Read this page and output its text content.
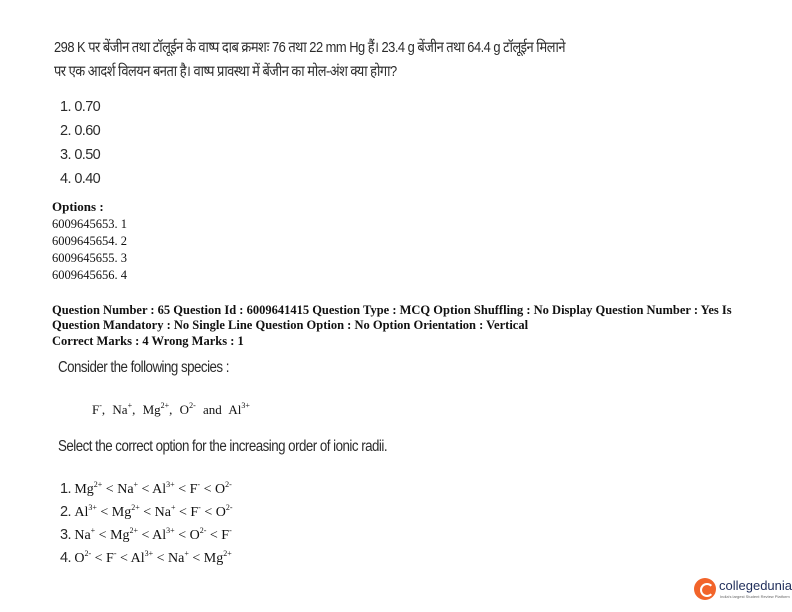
298 K पर बेंजीन तथा टॉलूईन के वाष्प दाब क्रमशः 76 तथा 22 mm Hg हैं। 23.4 g बेंजीन तथा 64.4 g टॉलूईन मिलाने
पर एक आदर्श विलयन बनता है। वाष्प प्रावस्था में बेंजीन का मोल-अंश क्या होगा?
1. 0.70
2. 0.60
3. 0.50
4. 0.40
Options :
6009645653. 1
6009645654. 2
6009645655. 3
6009645656. 4
Question Number : 65 Question Id : 6009641415 Question Type : MCQ Option Shuffling : No Display Question Number : Yes Is Question Mandatory : No Single Line Question Option : No Option Orientation : Vertical
Correct Marks : 4 Wrong Marks : 1
Consider the following species :
F-, Na+, $Mg^{2+}$, $O^{2-}$ and $Al^{3+}$
Select the correct option for the increasing order of ionic radii.
1. $Mg^{2+} < Na^+ < Al^{3+} < F^- < O^{2-}$
2. $Al^{3+} < Mg^{2+} < Na^+ < F^- < O^{2-}$
3. $Na^+ < Mg^{2+} < Al^{3+} < O^{2-} < F^-$
4. $O^{2-} < F^- < Al^{3+} < Na^+ < Mg^{2+}$
collegedunia
India's largest Student Review Platform
